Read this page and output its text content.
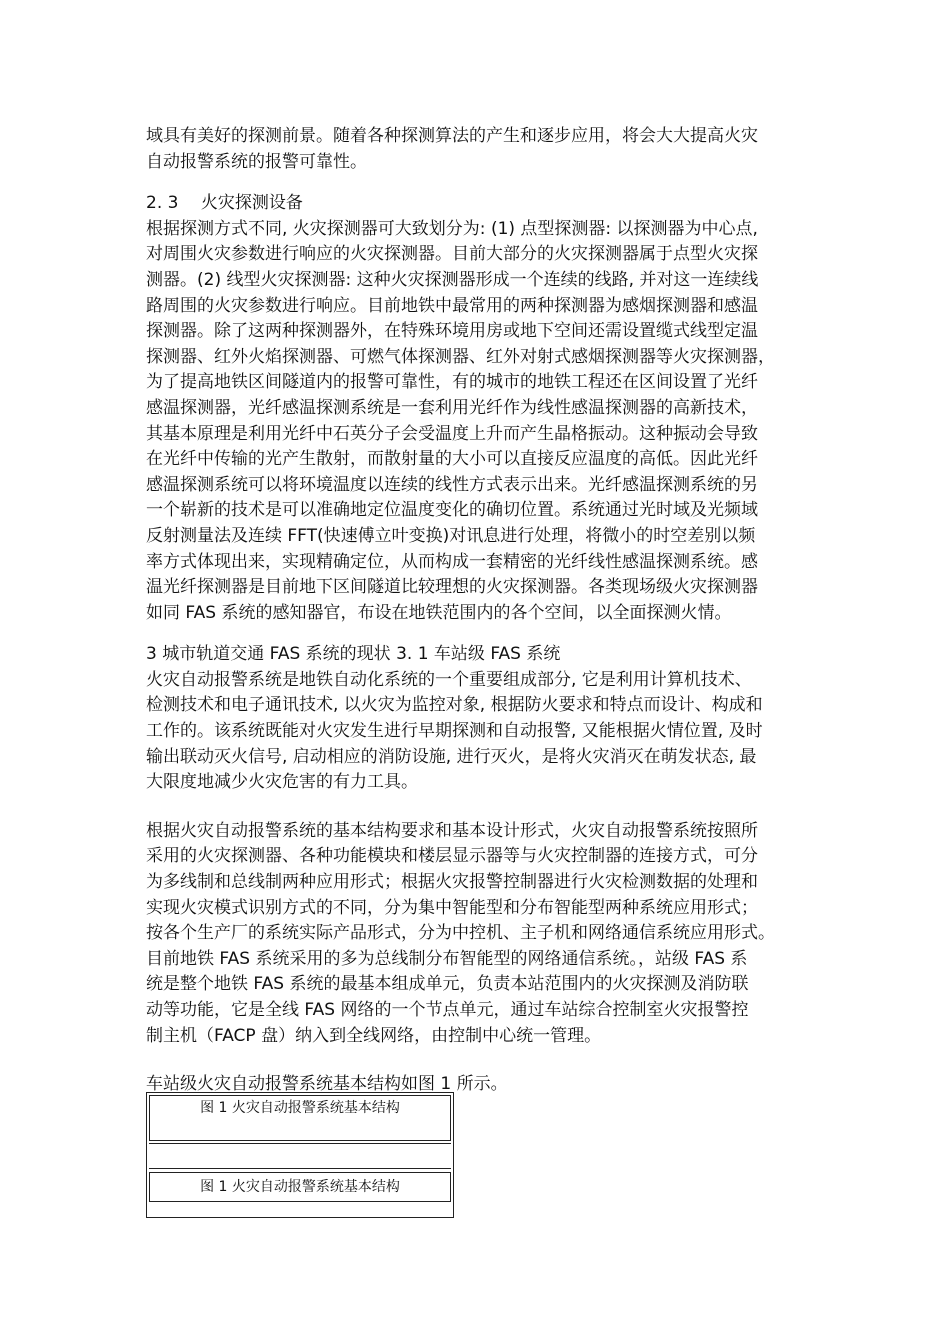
域具有美好的探测前景。随着各种探测算法的产生和逐步应用，将会大大提高火灾

自动报警系统的报警可靠性。

2. 3　 火灾探测设备

根据探测方式不同, 火灾探测器可大致划分为: (1) 点型探测器: 以探测器为中心点,

对周围火灾参数进行响应的火灾探测器。目前大部分的火灾探测器属于点型火灾探

测器。(2) 线型火灾探测器: 这种火灾探测器形成一个连续的线路, 并对这一连续线

路周围的火灾参数进行响应。目前地铁中最常用的两种探测器为感烟探测器和感温

探测器。除了这两种探测器外，在特殊环境用房或地下空间还需设置缆式线型定温

探测器、红外火焰探测器、可燃气体探测器、红外对射式感烟探测器等火灾探测器，

为了提高地铁区间隧道内的报警可靠性，有的城市的地铁工程还在区间设置了光纤

感温探测器，光纤感温探测系统是一套利用光纤作为线性感温探测器的高新技术，

其基本原理是利用光纤中石英分子会受温度上升而产生晶格振动。这种振动会导致

在光纤中传输的光产生散射，而散射量的大小可以直接反应温度的高低。因此光纤

感温探测系统可以将环境温度以连续的线性方式表示出来。光纤感温探测系统的另

一个崭新的技术是可以准确地定位温度变化的确切位置。系统通过光时域及光频域

反射测量法及连续 FFT(快速傅立叶变换)对讯息进行处理，将微小的时空差别以频

率方式体现出来，实现精确定位，从而构成一套精密的光纤线性感温探测系统。感

温光纤探测器是目前地下区间隧道比较理想的火灾探测器。各类现场级火灾探测器

如同 FAS 系统的感知器官，布设在地铁范围内的各个空间，以全面探测火情。

3 城市轨道交通 FAS 系统的现状 3. 1 车站级 FAS 系统

火灾自动报警系统是地铁自动化系统的一个重要组成部分, 它是利用计算机技术、

检测技术和电子通讯技术, 以火灾为监控对象, 根据防火要求和特点而设计、构成和

工作的。该系统既能对火灾发生进行早期探测和自动报警, 又能根据火情位置, 及时

输出联动灭火信号, 启动相应的消防设施, 进行灭火，是将火灾消灭在萌发状态, 最

大限度地减少火灾危害的有力工具。

根据火灾自动报警系统的基本结构要求和基本设计形式，火灾自动报警系统按照所

采用的火灾探测器、各种功能模块和楼层显示器等与火灾控制器的连接方式，可分

为多线制和总线制两种应用形式；根据火灾报警控制器进行火灾检测数据的处理和

实现火灾模式识别方式的不同，分为集中智能型和分布智能型两种系统应用形式；

按各个生产厂的系统实际产品形式，分为中控机、主子机和网络通信系统应用形式。

目前地铁 FAS 系统采用的多为总线制分布智能型的网络通信系统。，站级 FAS 系

统是整个地铁 FAS 系统的最基本组成单元，负责本站范围内的火灾探测及消防联

动等功能，它是全线 FAS 网络的一个节点单元，通过车站综合控制室火灾报警控

制主机（FACP 盘）纳入到全线网络，由控制中心统一管理。

车站级火灾自动报警系统基本结构如图 1 所示。

图 1 火灾自动报警系统基本结构
图 1 火灾自动报警系统基本结构
